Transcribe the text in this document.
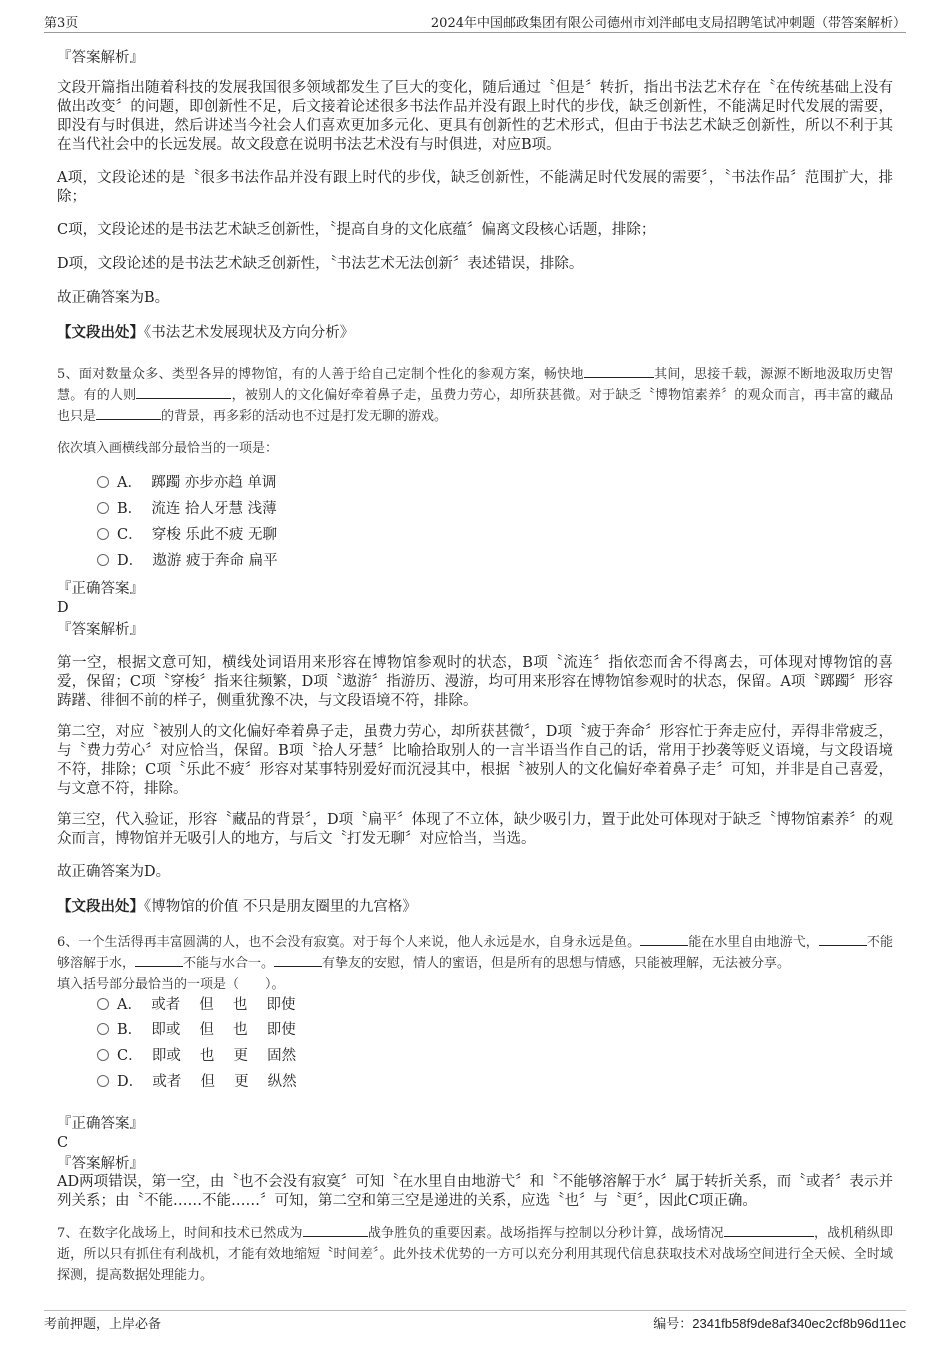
第3页	2024年中国邮政集团有限公司德州市刘泮邮电支局招聘笔试冲刺题（带答案解析）
『答案解析』
文段开篇指出随着科技的发展我国很多领域都发生了巨大的变化，随后通过〝但是〞转折，指出书法艺术存在〝在传统基础上没有做出改变〞的问题，即创新性不足，后文接着论述很多书法作品并没有跟上时代的步伐，缺乏创新性，不能满足时代发展的需要，即没有与时俱进，然后讲述当今社会人们喜欢更加多元化、更具有创新性的艺术形式，但由于书法艺术缺乏创新性，所以不利于其在当代社会中的长远发展。故文段意在说明书法艺术没有与时俱进，对应B项。
A项，文段论述的是〝很多书法作品并没有跟上时代的步伐，缺乏创新性，不能满足时代发展的需要〞，〝书法作品〞范围扩大，排除；
C项，文段论述的是书法艺术缺乏创新性，〝提高自身的文化底蕴〞偏离文段核心话题，排除；
D项，文段论述的是书法艺术缺乏创新性，〝书法艺术无法创新〞表述错误，排除。
故正确答案为B。
【文段出处】《书法艺术发展现状及方向分析》
5、面对数量众多、类型各异的博物馆，有的人善于给自己定制个性化的参观方案，畅快地	其间，思接千载，源源不断地汲取历史智慧。有的人则	，被别人的文化偏好牵着鼻子走，虽费力劳心，却所获甚微。对于缺乏〝博物馆素养〞的观众而言，再丰富的藏品也只是	的背景，再多彩的活动也不过是打发无聊的游戏。
依次填入画横线部分最恰当的一项是：
A． 踯躅 亦步亦趋 单调
B． 流连 拾人牙慧 浅薄
C． 穿梭 乐此不疲 无聊
D． 遨游 疲于奔命 扁平
『正确答案』
D
『答案解析』
第一空，根据文意可知，横线处词语用来形容在博物馆参观时的状态，B项〝流连〞指依恋而舍不得离去，可体现对博物馆的喜爱，保留；C项〝穿梭〞指来往频繁，D项〝遨游〞指游历、漫游，均可用来形容在博物馆参观时的状态，保留。A项〝踯躅〞形容踌躇、徘徊不前的样子，侧重犹豫不决，与文段语境不符，排除。
第二空，对应〝被别人的文化偏好牵着鼻子走，虽费力劳心，却所获甚微〞，D项〝疲于奔命〞形容忙于奔走应付，弄得非常疲乏，与〝费力劳心〞对应恰当，保留。B项〝拾人牙慧〞比喻拾取别人的一言半语当作自己的话，常用于抄袭等贬义语境，与文段语境不符，排除；C项〝乐此不疲〞形容对某事特别爱好而沉浸其中，根据〝被别人的文化偏好牵着鼻子走〞可知，并非是自己喜爱，与文意不符，排除。
第三空，代入验证，形容〝藏品的背景〞，D项〝扁平〞体现了不立体，缺少吸引力，置于此处可体现对于缺乏〝博物馆素养〞的观众而言，博物馆并无吸引人的地方，与后文〝打发无聊〞对应恰当，当选。
故正确答案为D。
【文段出处】《博物馆的价值 不只是朋友圈里的九宫格》
6、一个生活得再丰富圆满的人，也不会没有寂寞。对于每个人来说，他人永远是水，自身永远是鱼。	能在水里自由地游弋，	不能够溶解于水，	不能与水合一。	有挚友的安慰，情人的蜜语，但是所有的思想与情感，只能被理解，无法被分享。
填入括号部分最恰当的一项是（　　）。
A． 或者　 但　 也　 即使
B． 即或　 但　 也　 即使
C． 即或　 也　 更　 固然
D． 或者　 但　 更　 纵然
『正确答案』
C
『答案解析』
AD两项错误，第一空，由〝也不会没有寂寞〞可知〝在水里自由地游弋〞和〝不能够溶解于水〞属于转折关系，而〝或者〞表示并列关系；由〝不能……不能……〞可知，第二空和第三空是递进的关系，应选〝也〞与〝更〞，因此C项正确。
7、在数字化战场上，时间和技术已然成为	战争胜负的重要因素。战场指挥与控制以分秒计算，战场情况	，战机稍纵即逝，所以只有抓住有利战机，才能有效地缩短〝时间差〞。此外技术优势的一方可以充分利用其现代信息获取技术对战场空间进行全天候、全时域探测，提高数据处理能力。
考前押题，上岸必备	编号：2341fb58f9de8af340ec2cf8b96d11ec
